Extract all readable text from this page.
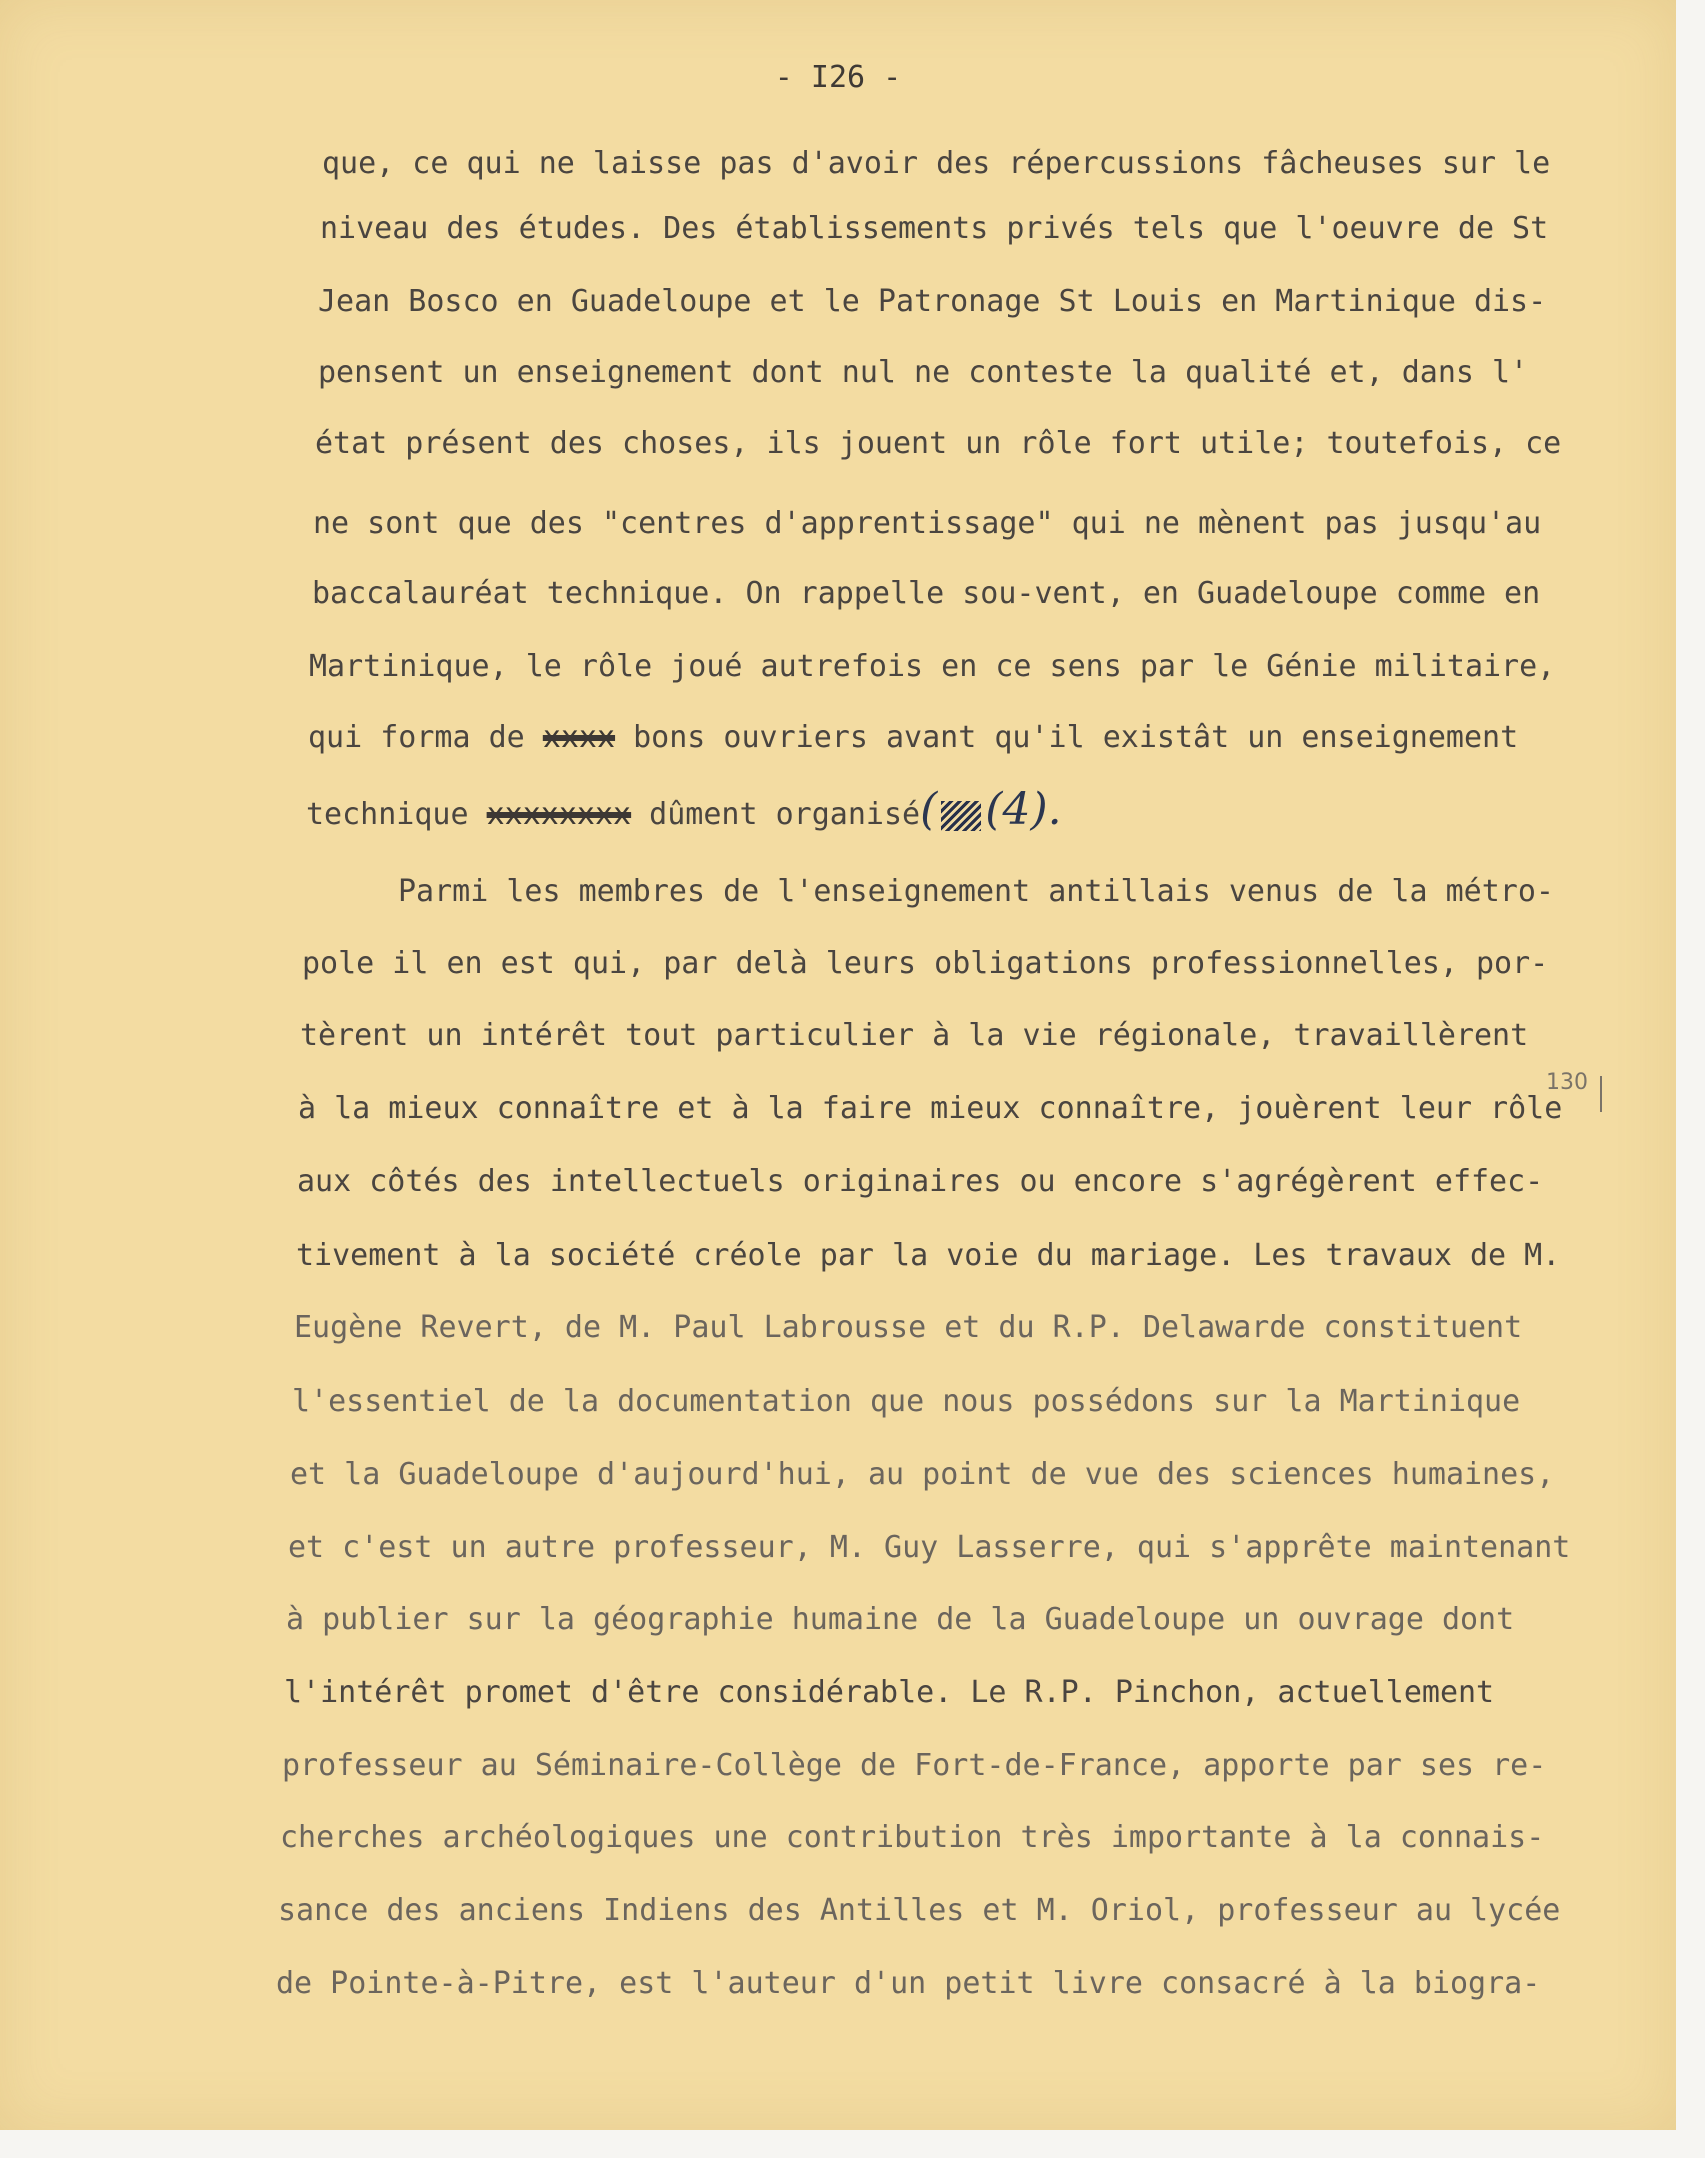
- I26 -
que, ce qui ne laisse pas d'avoir des répercussions fâcheuses sur le
niveau des études. Des établissements privés tels que l'oeuvre de St
Jean Bosco en Guadeloupe et le Patronage St Louis en Martinique dis-
pensent un enseignement dont nul ne conteste la qualité et, dans l'
état présent des choses, ils jouent un rôle fort utile; toutefois, ce
ne sont que des "centres d'apprentissage" qui ne mènent pas jusqu'au
baccalauréat technique. On rappelle sou-vent, en Guadeloupe comme en
Martinique, le rôle joué autrefois en ce sens par le Génie militaire,
qui forma de xxxx bons ouvriers avant qu'il existât un enseignement
technique xxxxxxxx dûment organisé( (4).
Parmi les membres de l'enseignement antillais venus de la métro-
pole il en est qui, par delà leurs obligations professionnelles, por-
tèrent un intérêt tout particulier à la vie régionale, travaillèrent
à la mieux connaître et à la faire mieux connaître, jouèrent leur rôle
aux côtés des intellectuels originaires ou encore s'agrégèrent effec-
tivement à la société créole par la voie du mariage. Les travaux de M.
Eugène Revert, de M. Paul Labrousse et du R.P. Delawarde constituent
l'essentiel de la documentation que nous possédons sur la Martinique
et la Guadeloupe d'aujourd'hui, au point de vue des sciences humaines,
et c'est un autre professeur, M. Guy Lasserre, qui s'apprête maintenant
à publier sur la géographie humaine de la Guadeloupe un ouvrage dont
l'intérêt promet d'être considérable. Le R.P. Pinchon, actuellement
professeur au Séminaire-Collège de Fort-de-France, apporte par ses re-
cherches archéologiques une contribution très importante à la connais-
sance des anciens Indiens des Antilles et M. Oriol, professeur au lycée
de Pointe-à-Pitre, est l'auteur d'un petit livre consacré à la biogra-
130
